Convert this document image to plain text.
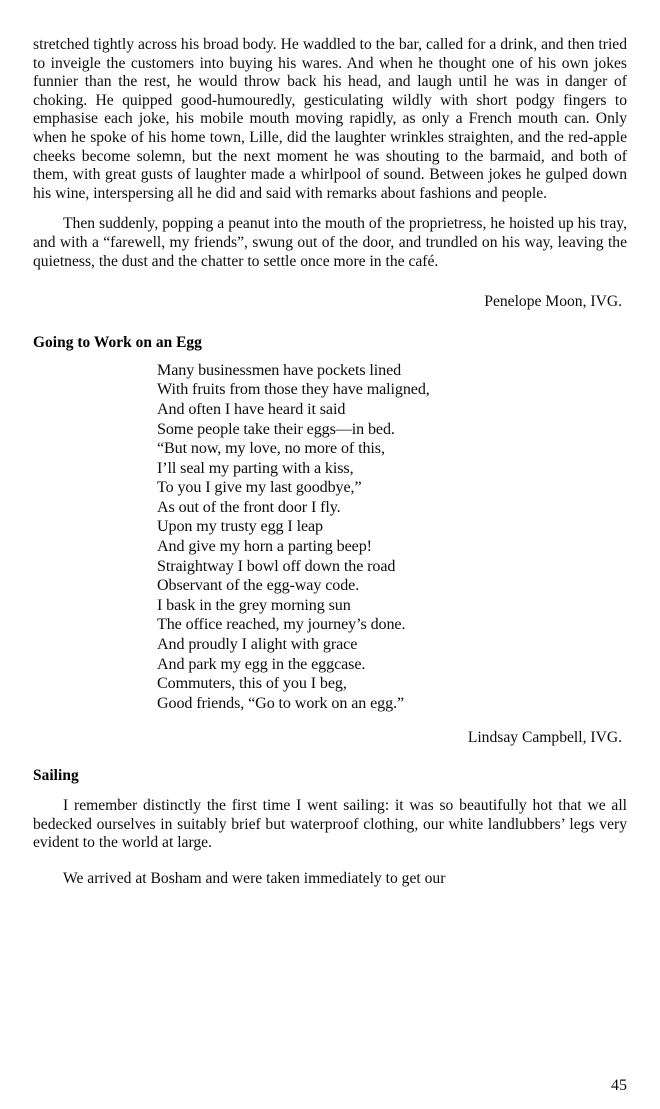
stretched tightly across his broad body. He waddled to the bar, called for a drink, and then tried to inveigle the customers into buying his wares. And when he thought one of his own jokes funnier than the rest, he would throw back his head, and laugh until he was in danger of choking. He quipped good-humouredly, gesticulating wildly with short podgy fingers to emphasise each joke, his mobile mouth moving rapidly, as only a French mouth can. Only when he spoke of his home town, Lille, did the laughter wrinkles straighten, and the red-apple cheeks become solemn, but the next moment he was shouting to the barmaid, and both of them, with great gusts of laughter made a whirlpool of sound. Between jokes he gulped down his wine, interspersing all he did and said with remarks about fashions and people.

Then suddenly, popping a peanut into the mouth of the proprietress, he hoisted up his tray, and with a “farewell, my friends”, swung out of the door, and trundled on his way, leaving the quietness, the dust and the chatter to settle once more in the café.

Penelope Moon, IVG.

Going to Work on an Egg
Many businessmen have pockets lined
With fruits from those they have maligned,
And often I have heard it said
Some people take their eggs—in bed.
“But now, my love, no more of this,
I’ll seal my parting with a kiss,
To you I give my last goodbye,”
As out of the front door I fly.
Upon my trusty egg I leap
And give my horn a parting beep!
Straightway I bowl off down the road
Observant of the egg-way code.
I bask in the grey morning sun
The office reached, my journey’s done.
And proudly I alight with grace
And park my egg in the eggcase.
Commuters, this of you I beg,
Good friends, “Go to work on an egg.”

Lindsay Campbell, IVG.

Sailing

I remember distinctly the first time I went sailing: it was so beautifully hot that we all bedecked ourselves in suitably brief but waterproof clothing, our white landlubbers’ legs very evident to the world at large.

We arrived at Bosham and were taken immediately to get our

45
